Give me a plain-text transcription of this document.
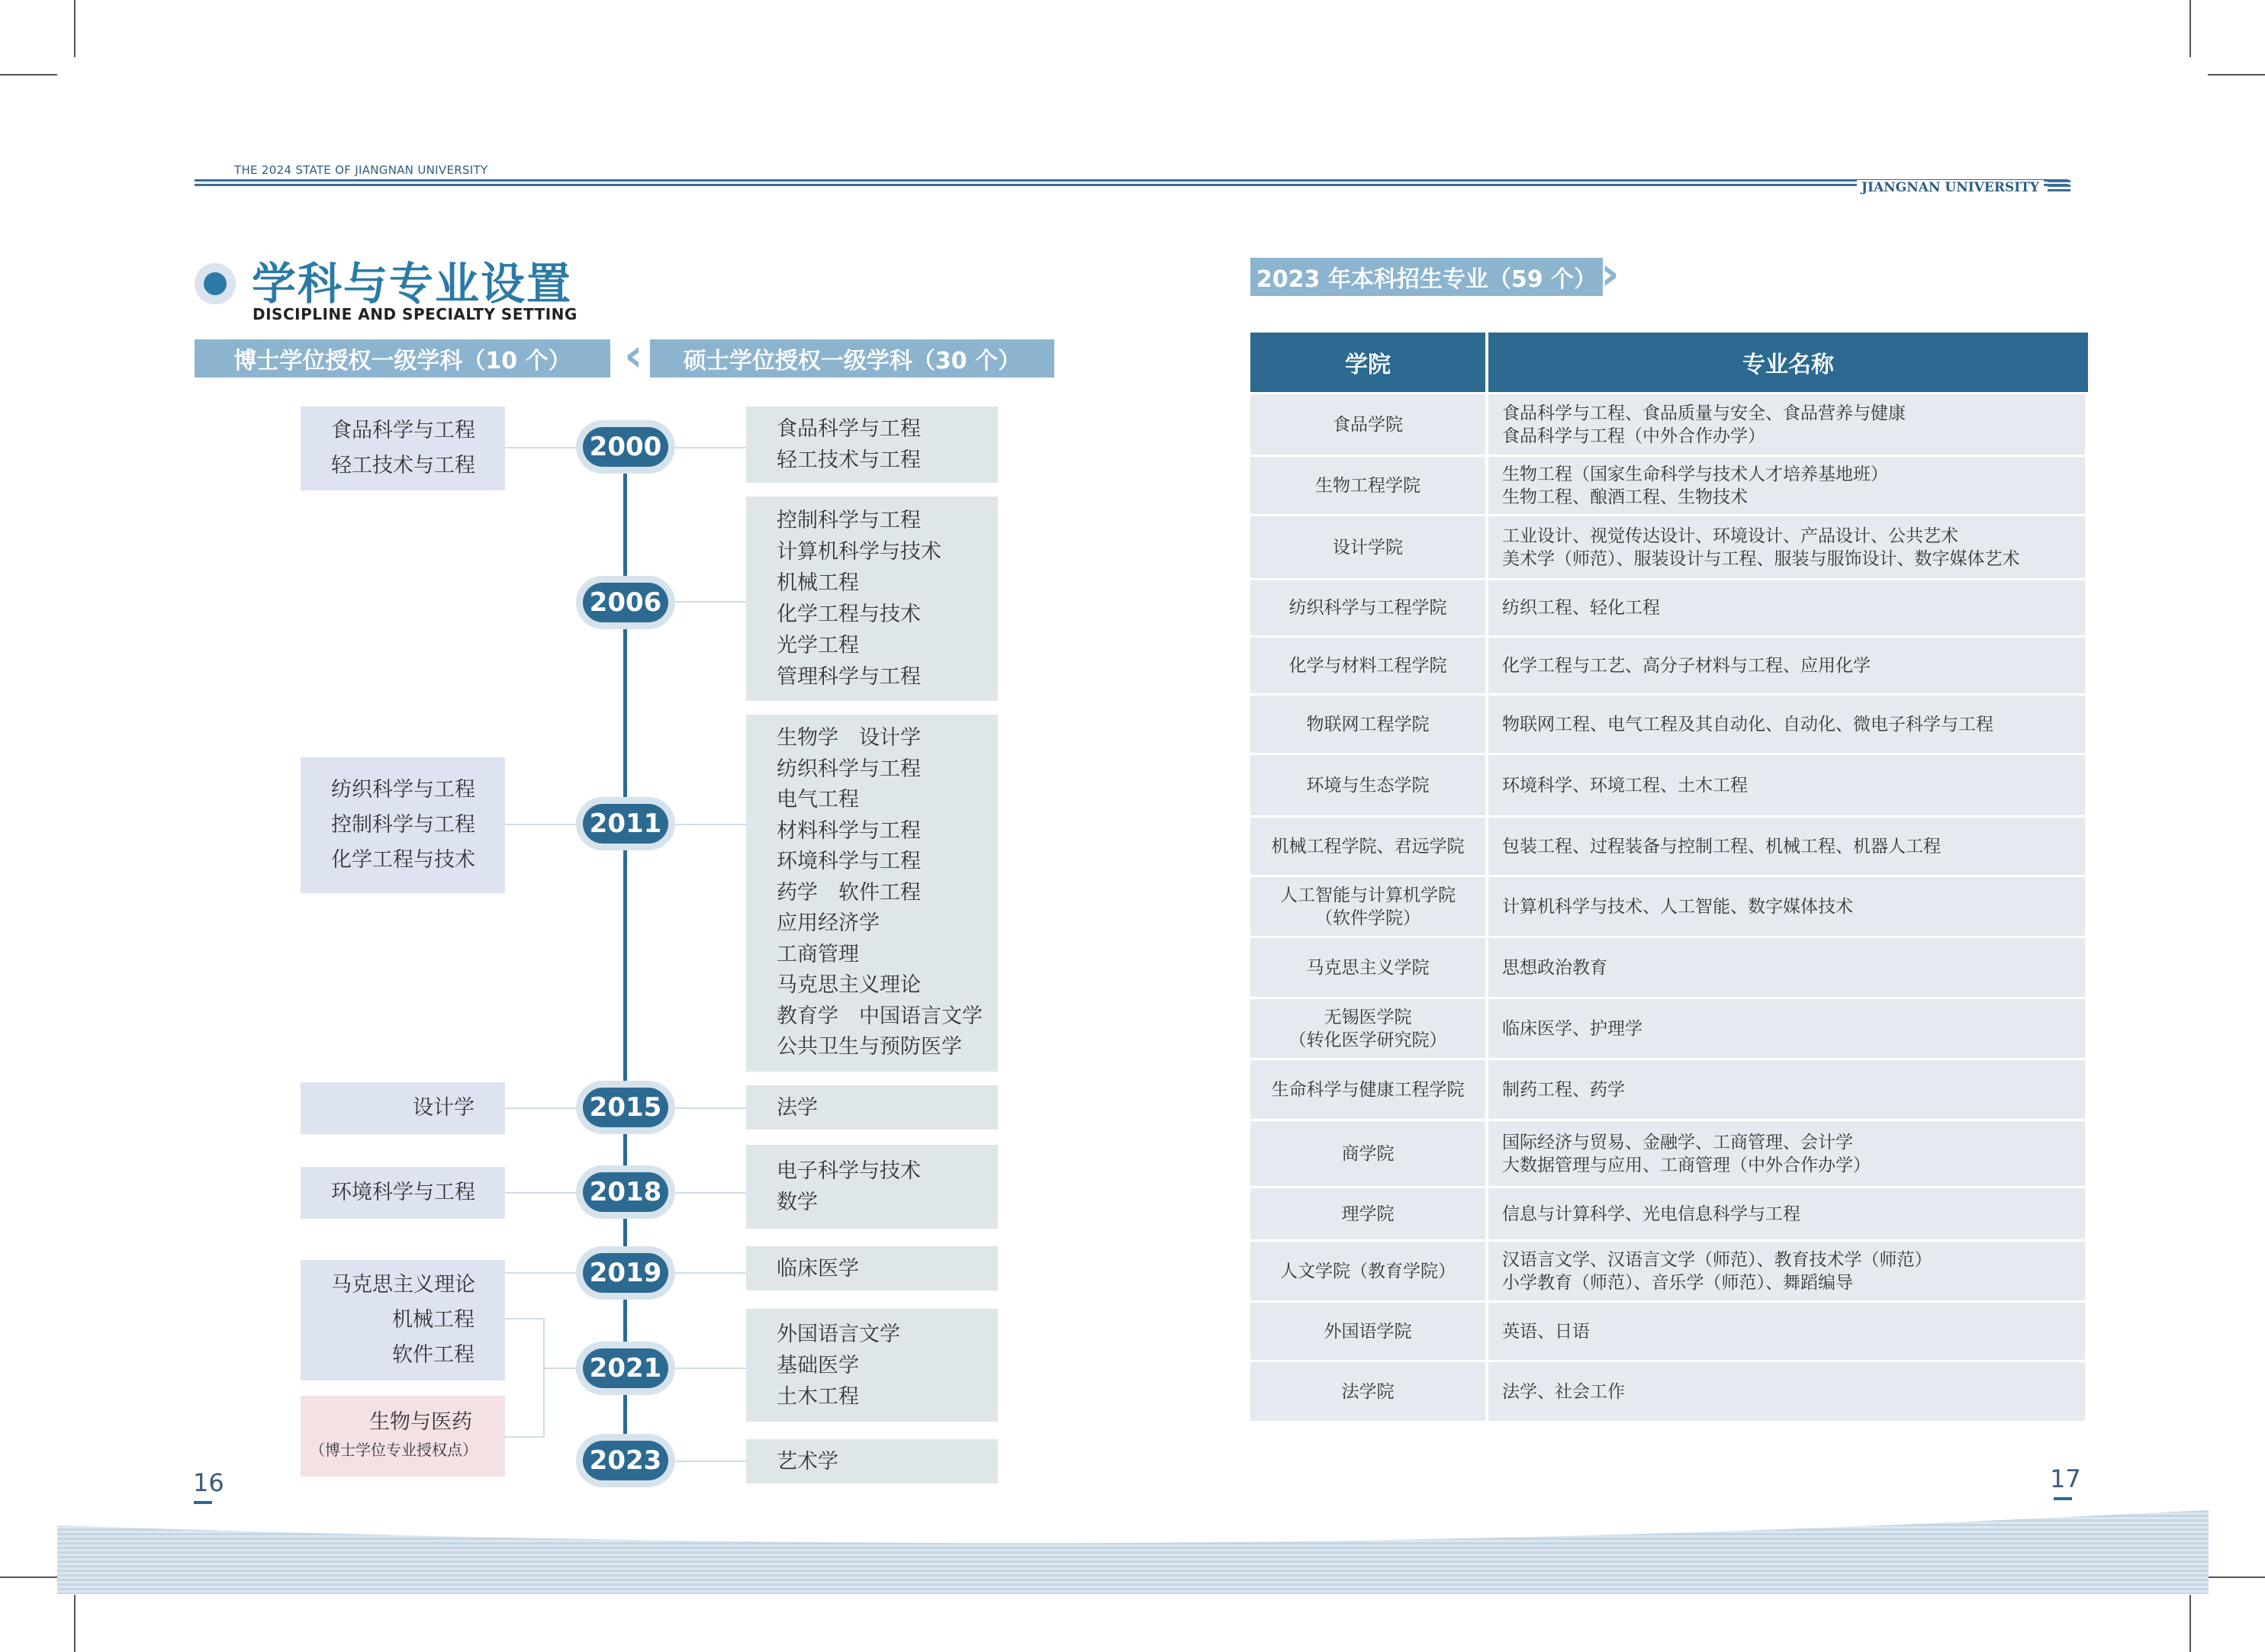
THE 2024 STATE OF JIANGNAN UNIVERSITY
JIANGNAN UNIVERSITY
学科与专业设置
DISCIPLINE AND SPECIALTY SETTING
博士学位授权一级学科（10 个） › ‹	硕士学位授权一级学科（30 个）
食品科学与工程
轻工技术与工程
纺织科学与工程
控制科学与工程
化学工程与技术
设计学
环境科学与工程
马克思主义理论
机械工程
软件工程
生物与医药
（博士学位专业授权点）
2000
2006
2011
2015
2018
2019
2021
2023
食品科学与工程
轻工技术与工程
控制科学与工程
计算机科学与技术
机械工程
化学工程与技术
光学工程
管理科学与工程
生物学　设计学
纺织科学与工程
电气工程
材料科学与工程
环境科学与工程
药学　软件工程
应用经济学
工商管理
马克思主义理论
教育学　中国语言文学
公共卫生与预防医学
法学
电子科学与技术
数学
临床医学
外国语言文学
基础医学
土木工程
艺术学
2023 年本科招生专业（59 个） ›
学院	专业名称
食品学院	食品科学与工程、食品质量与安全、食品营养与健康
食品科学与工程（中外合作办学）

生物工程学院	生物工程（国家生命科学与技术人才培养基地班）
生物工程、酿酒工程、生物技术

设计学院	工业设计、视觉传达设计、环境设计、产品设计、公共艺术
美术学（师范）、服装设计与工程、服装与服饰设计、数字媒体艺术

纺织科学与工程学院	纺织工程、轻化工程

化学与材料工程学院	化学工程与工艺、高分子材料与工程、应用化学

物联网工程学院	物联网工程、电气工程及其自动化、自动化、微电子科学与工程

环境与生态学院	环境科学、环境工程、土木工程

机械工程学院、君远学院	包装工程、过程装备与控制工程、机械工程、机器人工程

人工智能与计算机学院
（软件学院）	计算机科学与技术、人工智能、数字媒体技术

马克思主义学院	思想政治教育

无锡医学院
（转化医学研究院）	临床医学、护理学

生命科学与健康工程学院	制药工程、药学

商学院	国际经济与贸易、金融学、工商管理、会计学
大数据管理与应用、工商管理（中外合作办学）

理学院	信息与计算科学、光电信息科学与工程

人文学院（教育学院）	汉语言文学、汉语言文学（师范）、教育技术学（师范）
小学教育（师范）、音乐学（师范）、舞蹈编导

外国语学院	英语、日语

法学院	法学、社会工作
16	17
